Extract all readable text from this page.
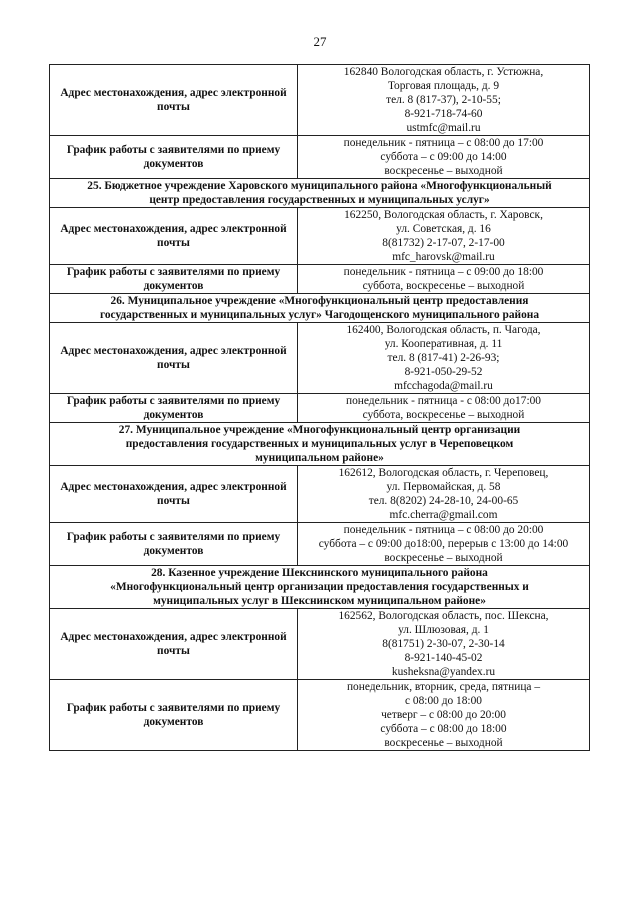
27
Адрес местонахождения, адрес электронной почты	162840 Вологодская область, г. Устюжна,
Торговая площадь, д. 9
тел. 8 (817-37), 2-10-55;
8-921-718-74-60
ustmfc@mail.ru

График работы с заявителями по приему документов	понедельник - пятница – с 08:00 до 17:00
суббота – с 09:00 до 14:00
воскресенье – выходной

25. Бюджетное учреждение Харовского муниципального района «Многофункциональный
центр предоставления государственных и муниципальных услуг»	

Адрес местонахождения, адрес электронной почты	162250, Вологодская область, г. Харовск,
ул. Советская, д. 16
8(81732) 2-17-07, 2-17-00
mfc_harovsk@mail.ru

График работы с заявителями по приему документов	понедельник - пятница – с 09:00 до 18:00
суббота, воскресенье – выходной

26. Муниципальное учреждение «Многофункциональный центр предоставления
государственных и муниципальных услуг» Чагодощенского муниципального района	

Адрес местонахождения, адрес электронной почты	162400, Вологодская область, п. Чагода,
ул. Кооперативная, д. 11
тел. 8 (817-41) 2-26-93;
8-921-050-29-52
mfcchagoda@mail.ru

График работы с заявителями по приему документов	понедельник - пятница - с 08:00 до17:00
суббота, воскресенье – выходной

27. Муниципальное учреждение «Многофункциональный центр организации
предоставления государственных и муниципальных услуг в Череповецком
муниципальном районе»	

Адрес местонахождения, адрес электронной почты	162612, Вологодская область, г. Череповец,
ул. Первомайская, д. 58
тел. 8(8202) 24-28-10, 24-00-65
mfc.cherra@gmail.com

График работы с заявителями по приему документов	понедельник - пятница – с 08:00 до 20:00
суббота – с 09:00 до18:00, перерыв с 13:00 до 14:00
воскресенье – выходной

28. Казенное учреждение Шекснинского муниципального района
«Многофункциональный центр организации предоставления государственных и
муниципальных услуг в Шекснинском муниципальном районе»	

Адрес местонахождения, адрес электронной почты	162562, Вологодская область, пос. Шексна,
ул. Шлюзовая, д. 1
8(81751) 2-30-07, 2-30-14
8-921-140-45-02
kusheksna@yandex.ru

График работы с заявителями по приему документов	понедельник, вторник, среда, пятница –
с 08:00 до 18:00
четверг – с 08:00 до 20:00
суббота – с 08:00 до 18:00
воскресенье – выходной
